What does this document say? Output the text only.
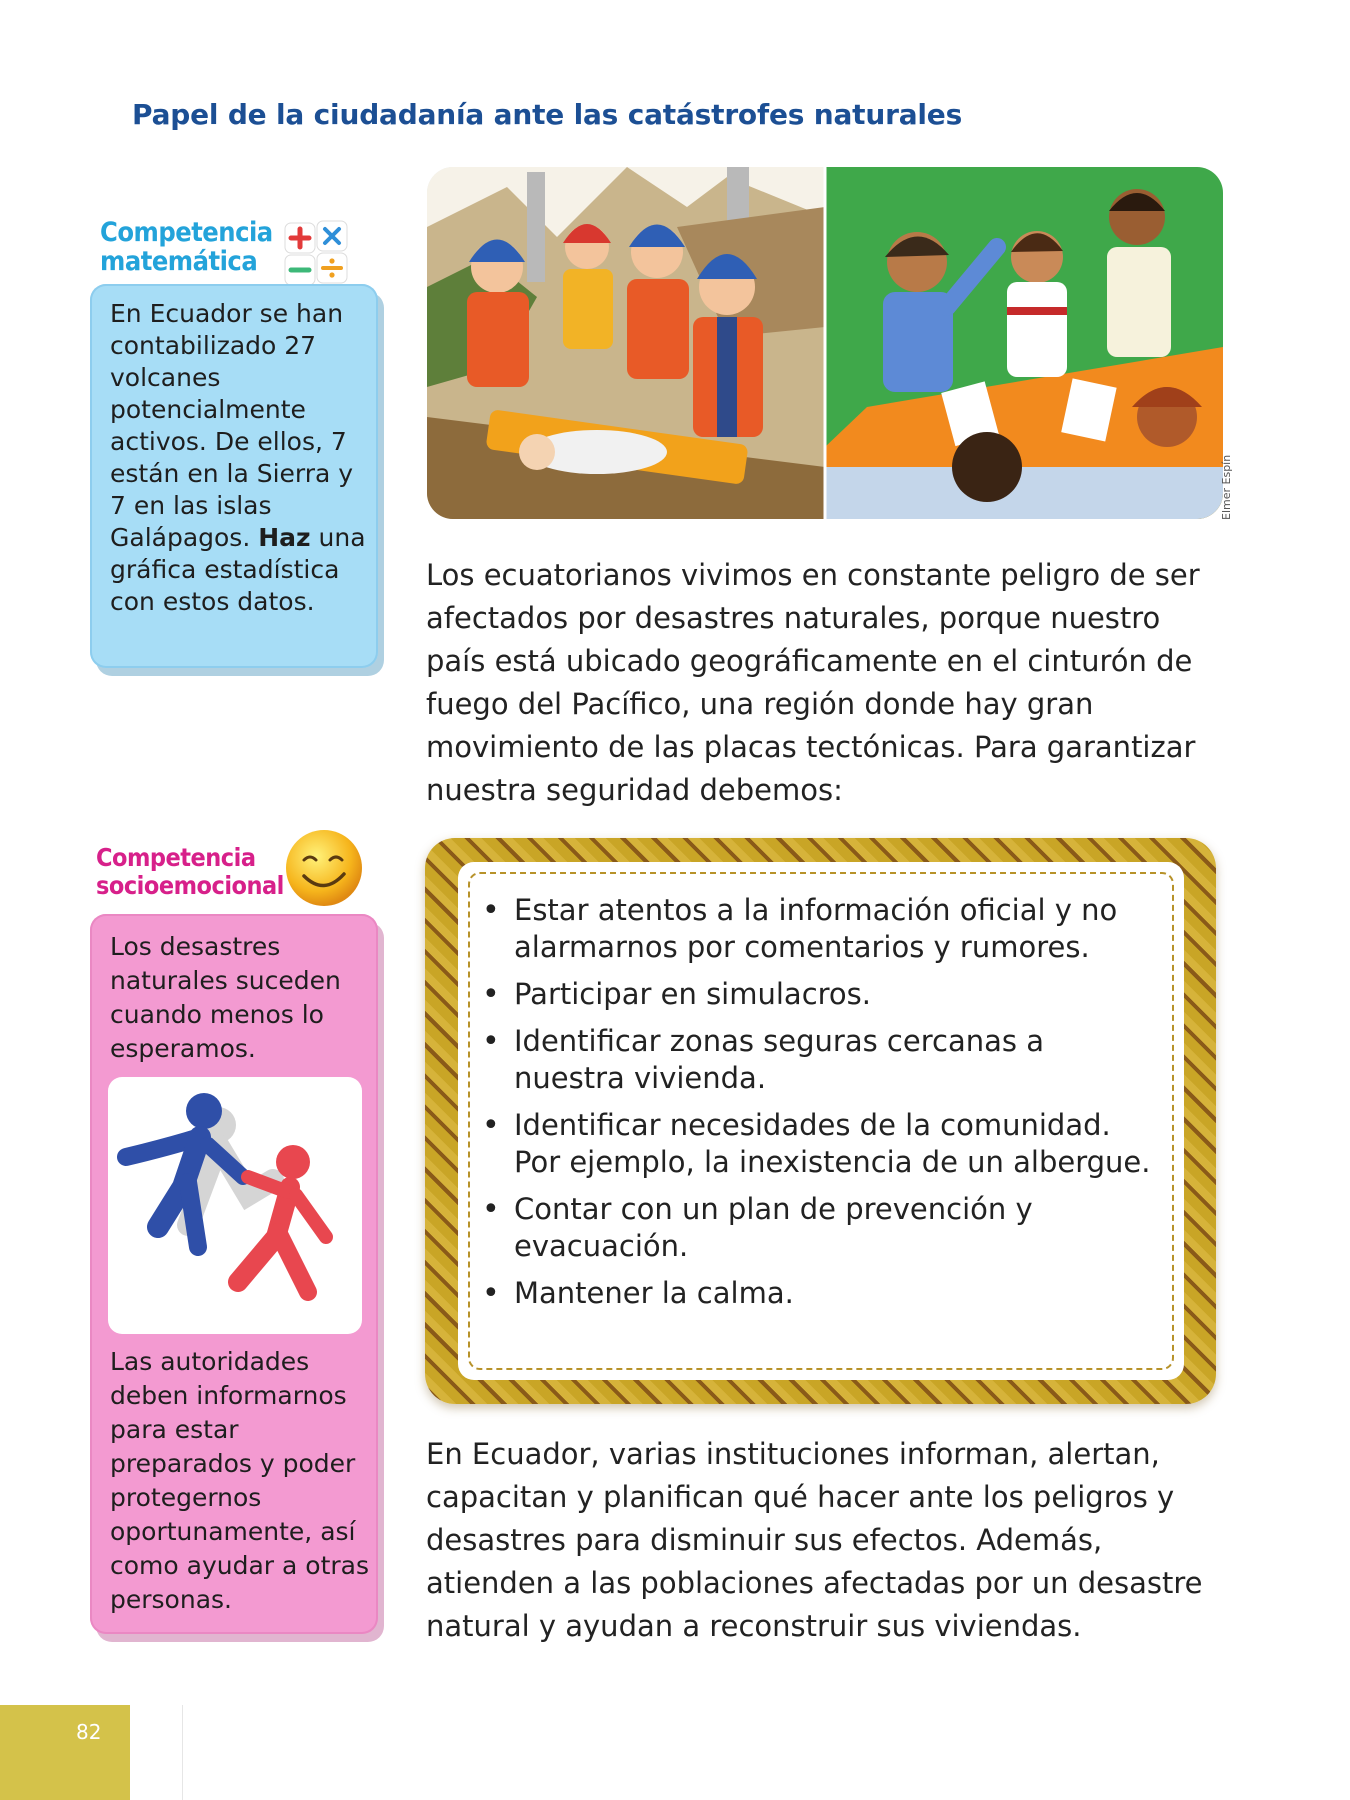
Papel de la ciudadanía ante las catástrofes naturales
Competencia
matemática
En Ecuador se han contabilizado 27 volcanes potencialmente activos. De ellos, 7 están en la Sierra y 7 en las islas Galápagos. Haz una gráfica estadística con estos datos.
Competencia
socioemocional
Los desastres naturales suceden cuando menos lo esperamos.
Las autoridades deben informarnos para estar preparados y poder protegernos oportunamente, así como ayudar a otras personas.
Elmer Espín

Los ecuatorianos vivimos en constante peligro de ser afectados por desastres naturales, porque nuestro país está ubicado geográficamente en el cinturón de fuego del Pacífico, una región donde hay gran movimiento de las placas tectónicas. Para garantizar nuestra seguridad debemos:

• Estar atentos a la información oficial y no alarmarnos por comentarios y rumores.
• Participar en simulacros.
• Identificar zonas seguras cercanas a nuestra vivienda.
• Identificar necesidades de la comunidad. Por ejemplo, la inexistencia de un albergue.
• Contar con un plan de prevención y evacuación.
• Mantener la calma.

En Ecuador, varias instituciones informan, alertan, capacitan y planifican qué hacer ante los peligros y desastres para disminuir sus efectos. Además, atienden a las poblaciones afectadas por un desastre natural y ayudan a reconstruir sus viviendas.

82
